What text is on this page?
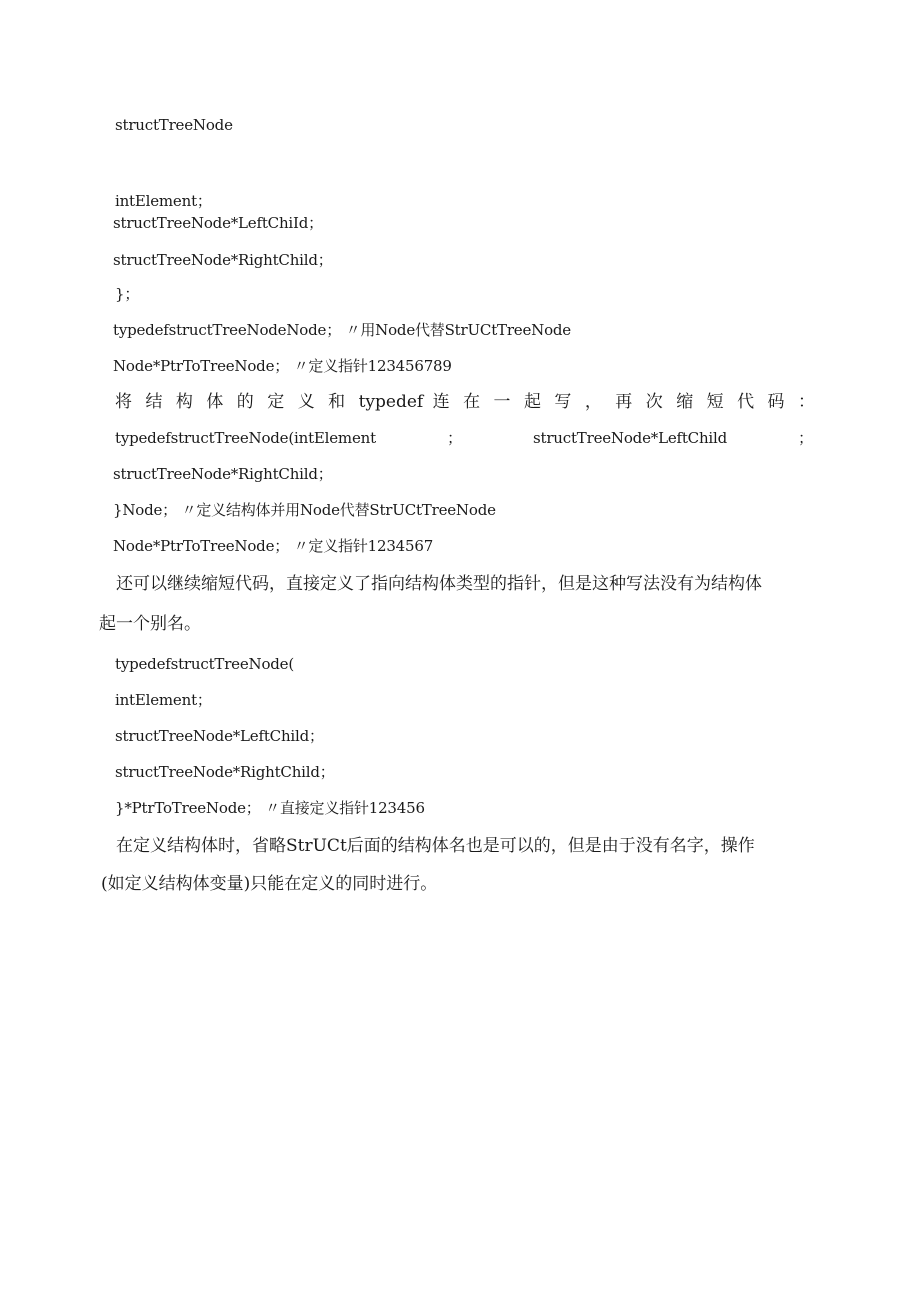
structTreeNode
intElement；
structTreeNode*LeftChiId；
structTreeNode*RightChild；
}；
typedefstructTreeNodeNode； 〃用Node代替StrUCtTreeNode
Node*PtrToTreeNode； 〃定义指针123456789
将 结 构 体 的 定 义 和 typedef 连 在 一 起 写 ， 再 次 缩 短 代 码 ：
typedefstructTreeNode(intElement	；	structTreeNode*LeftChild	；
structTreeNode*RightChild；
}Node； 〃定义结构体并用Node代替StrUCtTreeNode
Node*PtrToTreeNode； 〃定义指针1234567
还可以继续缩短代码，直接定义了指向结构体类型的指针，但是这种写法没有为结构体
起一个别名。
typedefstructTreeNode(
intElement；
structTreeNode*LeftChild；
structTreeNode*RightChild；
}*PtrToTreeNode； 〃直接定义指针123456
在定义结构体时，省略StrUCt后面的结构体名也是可以的，但是由于没有名字，操作
(如定义结构体变量)只能在定义的同时进行。
